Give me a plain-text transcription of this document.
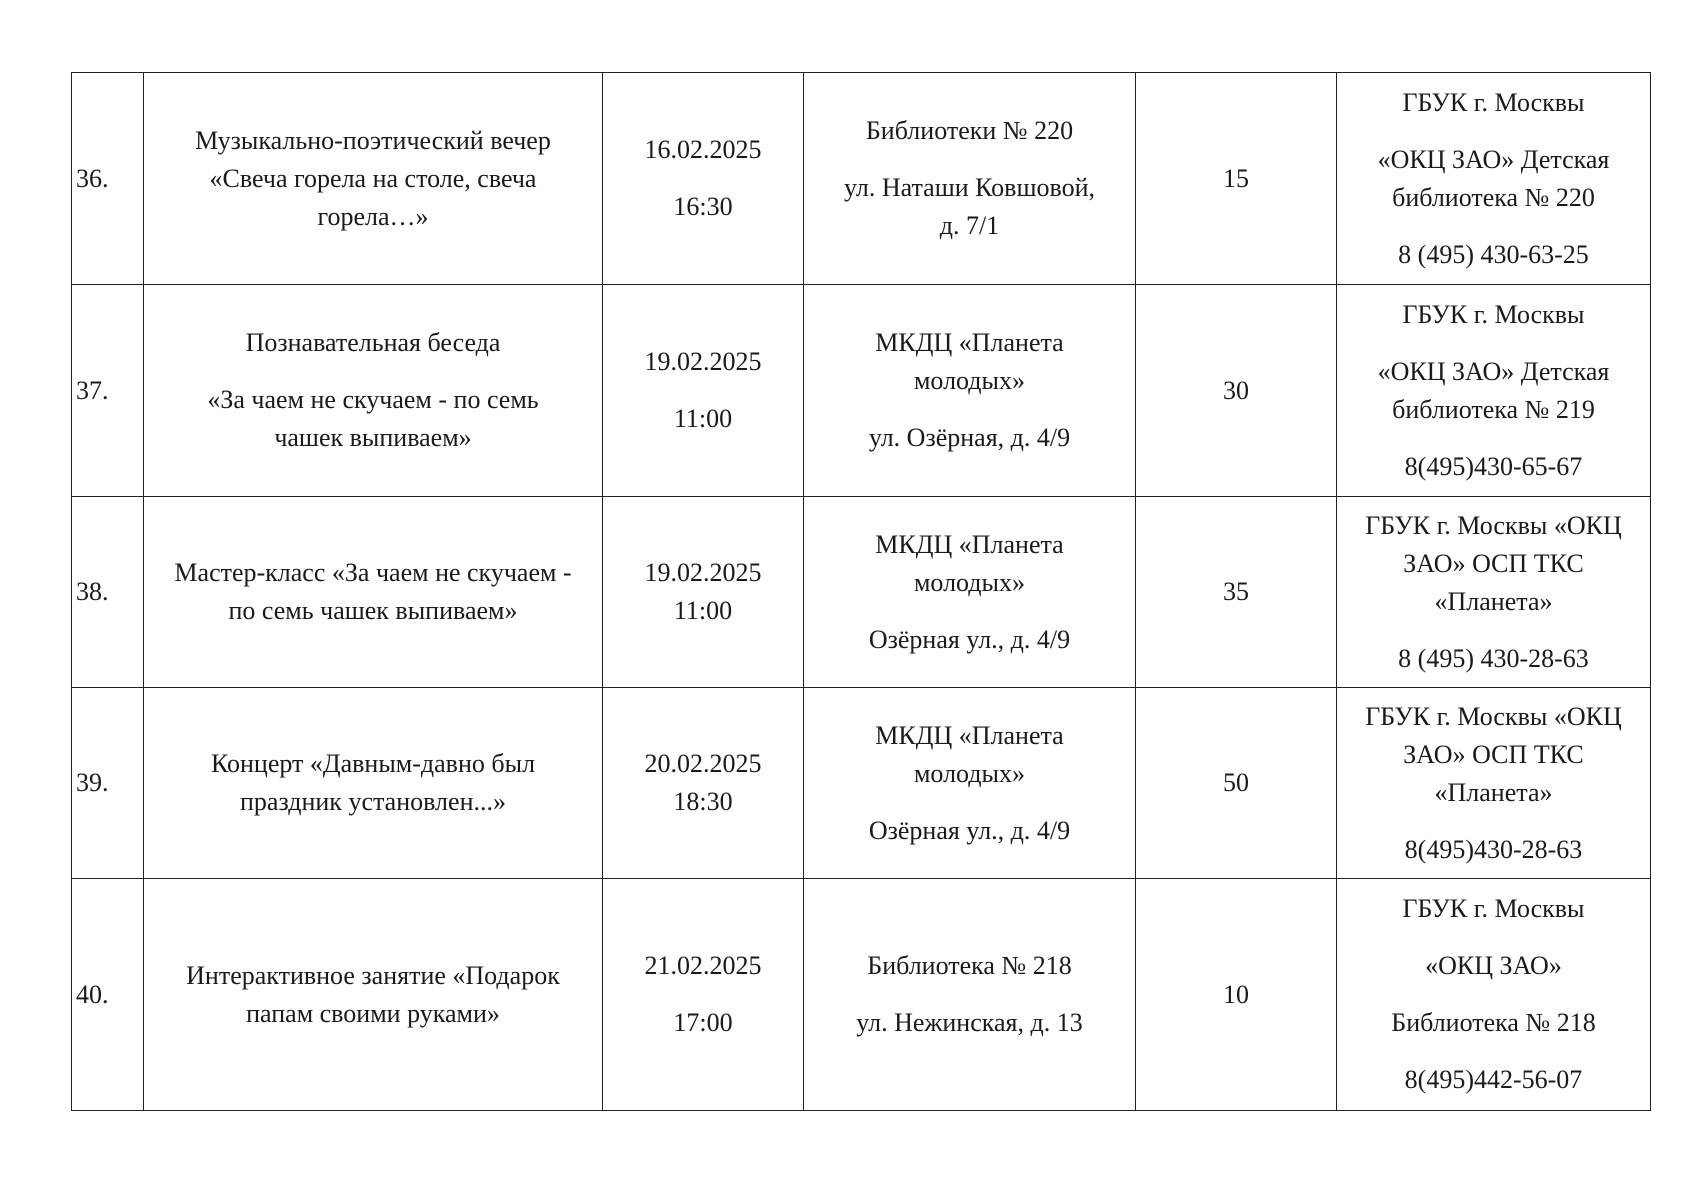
36.	Музыкально-поэтический вечер
«Свеча горела на столе, свеча
горела…»	16.02.2025
16:30	Библиотеки № 220
ул. Наташи Ковшовой,
д. 7/1	15	ГБУК г. Москвы
«ОКЦ ЗАО» Детская
библиотека № 220
8 (495) 430-63-25

37.	Познавательная беседа
«За чаем не скучаем - по семь
чашек выпиваем»	19.02.2025
11:00	МКДЦ «Планета
молодых»
ул. Озёрная, д. 4/9	30	ГБУК г. Москвы
«ОКЦ ЗАО» Детская
библиотека № 219
8(495)430-65-67

38.	Мастер-класс «За чаем не скучаем -
по семь чашек выпиваем»	19.02.2025
11:00	МКДЦ «Планета
молодых»
Озёрная ул., д. 4/9	35	ГБУК г. Москвы «ОКЦ
ЗАО» ОСП ТКС
«Планета»
8 (495) 430-28-63

39.	Концерт «Давным-давно был
праздник установлен...»	20.02.2025
18:30	МКДЦ «Планета
молодых»
Озёрная ул., д. 4/9	50	ГБУК г. Москвы «ОКЦ
ЗАО» ОСП ТКС
«Планета»
8(495)430-28-63

40.	Интерактивное занятие «Подарок
папам своими руками»	21.02.2025
17:00	Библиотека № 218
ул. Нежинская, д. 13	10	ГБУК г. Москвы
«ОКЦ ЗАО»
Библиотека № 218
8(495)442-56-07
